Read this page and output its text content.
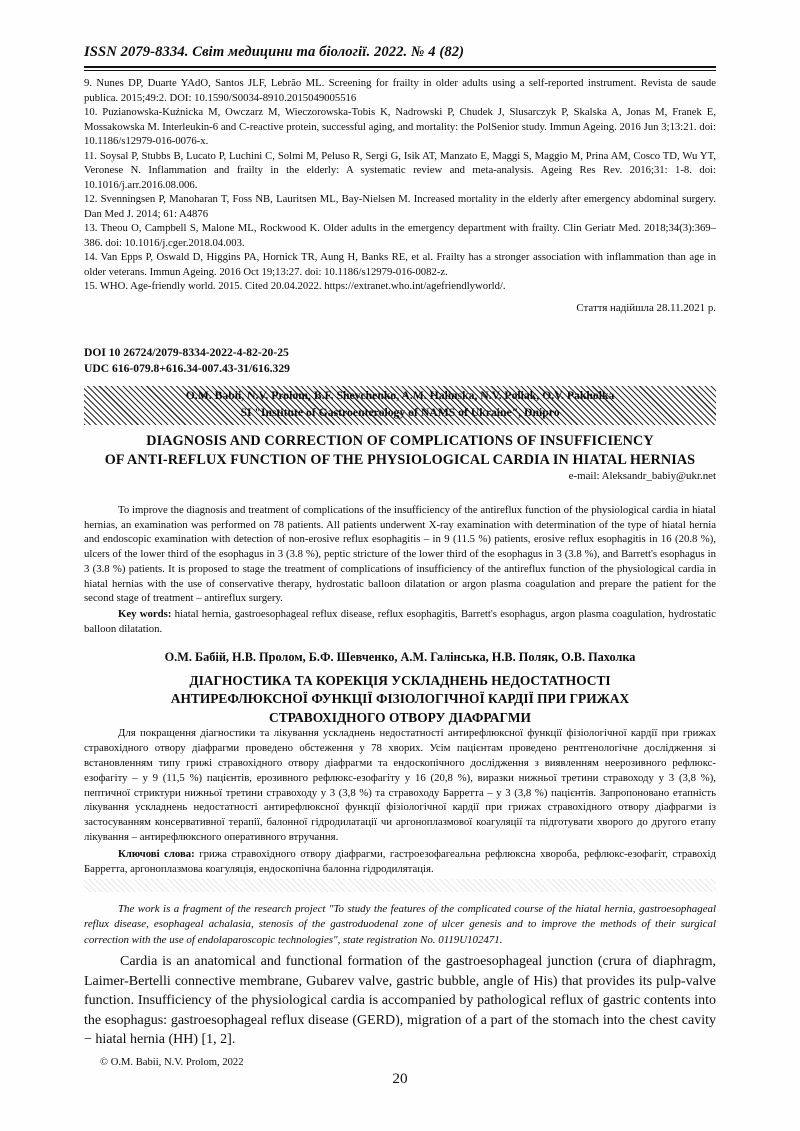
ISSN 2079-8334. Світ медицини та біології. 2022. № 4 (82)

9. Nunes DP, Duarte YAdO, Santos JLF, Lebrão ML. Screening for frailty in older adults using a self-reported instrument. Revista de saude publica. 2015;49:2. DOI: 10.1590/S0034-8910.2015049005516

10. Puzianowska-Kuźnicka M, Owczarz M, Wieczorowska-Tobis K, Nadrowski P, Chudek J, Slusarczyk P, Skalska A, Jonas M, Franek E, Mossakowska M. Interleukin-6 and C-reactive protein, successful aging, and mortality: the PolSenior study. Immun Ageing. 2016 Jun 3;13:21. doi: 10.1186/s12979-016-0076-x.

11. Soysal P, Stubbs B, Lucato P, Luchini C, Solmi M, Peluso R, Sergi G, Isik AT, Manzato E, Maggi S, Maggio M, Prina AM, Cosco TD, Wu YT, Veronese N. Inflammation and frailty in the elderly: A systematic review and meta-analysis. Ageing Res Rev. 2016;31: 1-8. doi: 10.1016/j.arr.2016.08.006.

12. Svenningsen P, Manoharan T, Foss NB, Lauritsen ML, Bay-Nielsen M. Increased mortality in the elderly after emergency abdominal surgery. Dan Med J. 2014; 61: A4876

13. Theou O, Campbell S, Malone ML, Rockwood K. Older adults in the emergency department with frailty. Clin Geriatr Med. 2018;34(3):369–386. doi: 10.1016/j.cger.2018.04.003.

14. Van Epps P, Oswald D, Higgins PA, Hornick TR, Aung H, Banks RE, et al. Frailty has a stronger association with inflammation than age in older veterans. Immun Ageing. 2016 Oct 19;13:27. doi: 10.1186/s12979-016-0082-z.

15. WHO. Age-friendly world. 2015. Cited 20.04.2022. https://extranet.who.int/agefriendlyworld/.

Стаття надійшла 28.11.2021 р.
DOI 10 26724/2079-8334-2022-4-82-20-25
UDC 616-079.8+616.34-007.43-31/616.329
O.M. Babii, N.V. Prolom, B.F. Shevchenko, A.M. Halinska, N.V. Poliak, O.V. Pakholka
SI "Institute of Gastroenterology of NAMS of Ukraine", Dnipro
DIAGNOSIS AND CORRECTION OF COMPLICATIONS OF INSUFFICIENCY
OF ANTI-REFLUX FUNCTION OF THE PHYSIOLOGICAL CARDIA IN HIATAL HERNIAS
e-mail: Aleksandr_babiy@ukr.net

To improve the diagnosis and treatment of complications of the insufficiency of the antireflux function of the physiological cardia in hiatal hernias, an examination was performed on 78 patients. All patients underwent X-ray examination with determination of the type of hiatal hernia and endoscopic examination with detection of non-erosive reflux esophagitis – in 9 (11.5 %) patients, erosive reflux esophagitis in 16 (20.8 %), ulcers of the lower third of the esophagus in 3 (3.8 %), peptic stricture of the lower third of the esophagus in 3 (3.8 %), and Barrett's esophagus in 3 (3.8 %) patients. It is proposed to stage the treatment of complications of insufficiency of the antireflux function of the physiological cardia in hiatal hernias with the use of conservative therapy, hydrostatic balloon dilatation or argon plasma coagulation and prepare the patient for the second stage of treatment – antireflux surgery.

Key words: hiatal hernia, gastroesophageal reflux disease, reflux esophagitis, Barrett's esophagus, argon plasma coagulation, hydrostatic balloon dilatation.

О.М. Бабій, Н.В. Пролом, Б.Ф. Шевченко, А.М. Галінська, Н.В. Поляк, О.В. Пахолка
ДІАГНОСТИКА ТА КОРЕКЦІЯ УСКЛАДНЕНЬ НЕДОСТАТНОСТІ
АНТИРЕФЛЮКСНОЇ ФУНКЦІЇ ФІЗІОЛОГІЧНОЇ КАРДІЇ ПРИ ГРИЖАХ
СТРАВОХІДНОГО ОТВОРУ ДІАФРАГМИ

Для покращення діагностики та лікування ускладнень недостатності антирефлюксної функції фізіологічної кардії при грижах стравохідного отвору діафрагми проведено обстеження у 78 хворих. Усім пацієнтам проведено рентгенологічне дослідження зі встановленням типу грижі стравохідного отвору діафрагми та ендоскопічного дослідження з виявленням неерозивного рефлюкс-езофагіту – у 9 (11,5 %) пацієнтів, ерозивного рефлюкс-езофагіту у 16 (20,8 %), виразки нижньої третини стравоходу у 3 (3,8 %), пептичної стриктури нижньої третини стравоходу у 3 (3,8 %) та стравоходу Барретта – у 3 (3,8 %) пацієнтів. Запропоновано етапність лікування ускладнень недостатності антирефлюксної функції фізіологічної кардії при грижах стравохідного отвору діафрагми із застосуванням консервативної терапії, балонної гідродилатації чи аргоноплазмової коагуляції та підготувати хворого до другого етапу лікування – антирефлюксного оперативного втручання.

Ключові слова: грижа стравохідного отвору діафрагми, гастроезофагеальна рефлюксна хвороба, рефлюкс-езофагіт, стравохід Барретта, аргоноплазмова коагуляція, ендоскопічна балонна гідродилятація.

The work is a fragment of the research project "To study the features of the complicated course of the hiatal hernia, gastroesophageal reflux disease, esophageal achalasia, stenosis of the gastroduodenal zone of ulcer genesis and to improve the methods of their surgical correction with the use of endolaparoscopic technologies", state registration No. 0119U102471.

Cardia is an anatomical and functional formation of the gastroesophageal junction (crura of diaphragm, Laimer-Bertelli connective membrane, Gubarev valve, gastric bubble, angle of His) that provides its pulp-valve function. Insufficiency of the physiological cardia is accompanied by pathological reflux of gastric contents into the esophagus: gastroesophageal reflux disease (GERD), migration of a part of the stomach into the chest cavity − hiatal hernia (HH) [1, 2].

© O.M. Babii, N.V. Prolom, 2022
20
